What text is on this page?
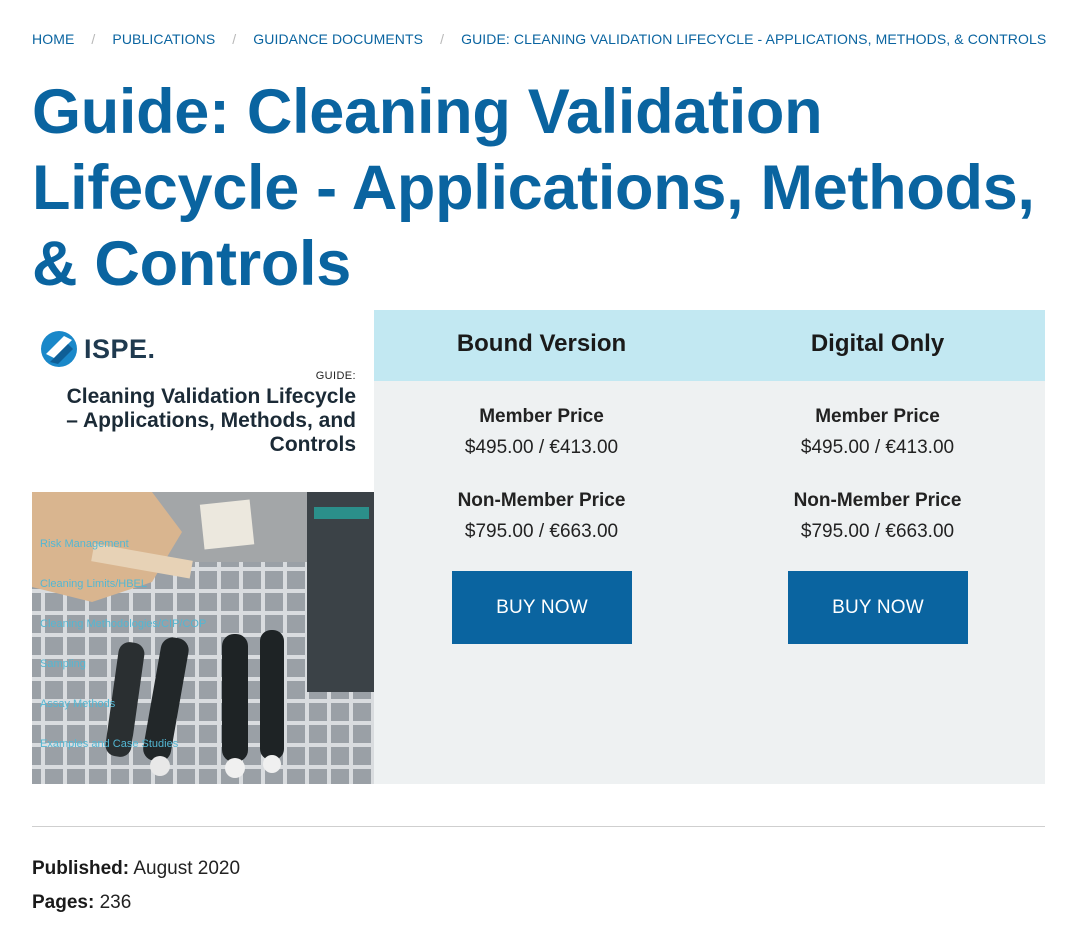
HOME / PUBLICATIONS / GUIDANCE DOCUMENTS / GUIDE: CLEANING VALIDATION LIFECYCLE - APPLICATIONS, METHODS, & CONTROLS
Guide: Cleaning Validation Lifecycle - Applications, Methods, & Controls
ISPE.
GUIDE:
Cleaning Validation Lifecycle – Applications, Methods, and Controls
Risk Management
Cleaning Limits/HBEL
Cleaning Methodologies/CIP/COP
Sampling
Assay Methods
Examples and Case Studies
Bound Version
Member Price
$495.00 / €413.00
Non-Member Price
$795.00 / €663.00
BUY NOW
Digital Only
Member Price
$495.00 / €413.00
Non-Member Price
$795.00 / €663.00
BUY NOW
Published: August 2020
Pages: 236
